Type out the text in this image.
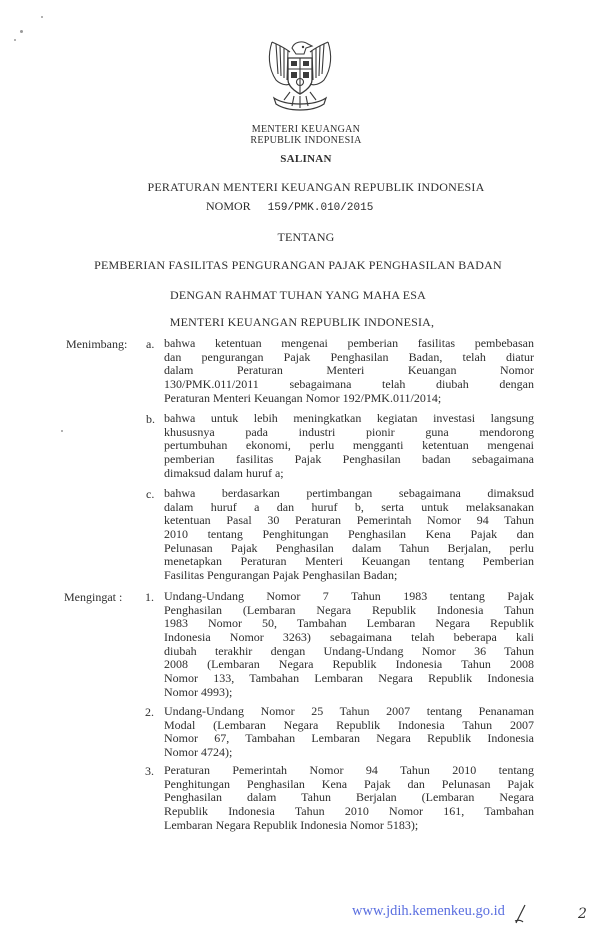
MENTERI KEUANGAN
REPUBLIK INDONESIA
SALINAN
PERATURAN MENTERI KEUANGAN REPUBLIK INDONESIA
NOMOR 159/PMK.010/2015
TENTANG
PEMBERIAN FASILITAS PENGURANGAN PAJAK PENGHASILAN BADAN
DENGAN RAHMAT TUHAN YANG MAHA ESA
MENTERI KEUANGAN REPUBLIK INDONESIA,
Menimbang: a. bahwa ketentuan mengenai pemberian fasilitas pembebasan
dan pengurangan Pajak Penghasilan Badan, telah diatur
dalam Peraturan Menteri Keuangan Nomor
130/PMK.011/2011 sebagaimana telah diubah dengan
Peraturan Menteri Keuangan Nomor 192/PMK.011/2014;
b. bahwa untuk lebih meningkatkan kegiatan investasi langsung
khususnya pada industri pionir guna mendorong
pertumbuhan ekonomi, perlu mengganti ketentuan mengenai
pemberian fasilitas Pajak Penghasilan badan sebagaimana
dimaksud dalam huruf a;
c. bahwa berdasarkan pertimbangan sebagaimana dimaksud
dalam huruf a dan huruf b, serta untuk melaksanakan
ketentuan Pasal 30 Peraturan Pemerintah Nomor 94 Tahun
2010 tentang Penghitungan Penghasilan Kena Pajak dan
Pelunasan Pajak Penghasilan dalam Tahun Berjalan, perlu
menetapkan Peraturan Menteri Keuangan tentang Pemberian
Fasilitas Pengurangan Pajak Penghasilan Badan;
Mengingat : 1. Undang-Undang Nomor 7 Tahun 1983 tentang Pajak
Penghasilan (Lembaran Negara Republik Indonesia Tahun
1983 Nomor 50, Tambahan Lembaran Negara Republik
Indonesia Nomor 3263) sebagaimana telah beberapa kali
diubah terakhir dengan Undang-Undang Nomor 36 Tahun
2008 (Lembaran Negara Republik Indonesia Tahun 2008
Nomor 133, Tambahan Lembaran Negara Republik Indonesia
Nomor 4993);
2. Undang-Undang Nomor 25 Tahun 2007 tentang Penanaman
Modal (Lembaran Negara Republik Indonesia Tahun 2007
Nomor 67, Tambahan Lembaran Negara Republik Indonesia
Nomor 4724);
3. Peraturan Pemerintah Nomor 94 Tahun 2010 tentang
Penghitungan Penghasilan Kena Pajak dan Pelunasan Pajak
Penghasilan dalam Tahun Berjalan (Lembaran Negara
Republik Indonesia Tahun 2010 Nomor 161, Tambahan
Lembaran Negara Republik Indonesia Nomor 5183);
www.jdih.kemenkeu.go.id	2
